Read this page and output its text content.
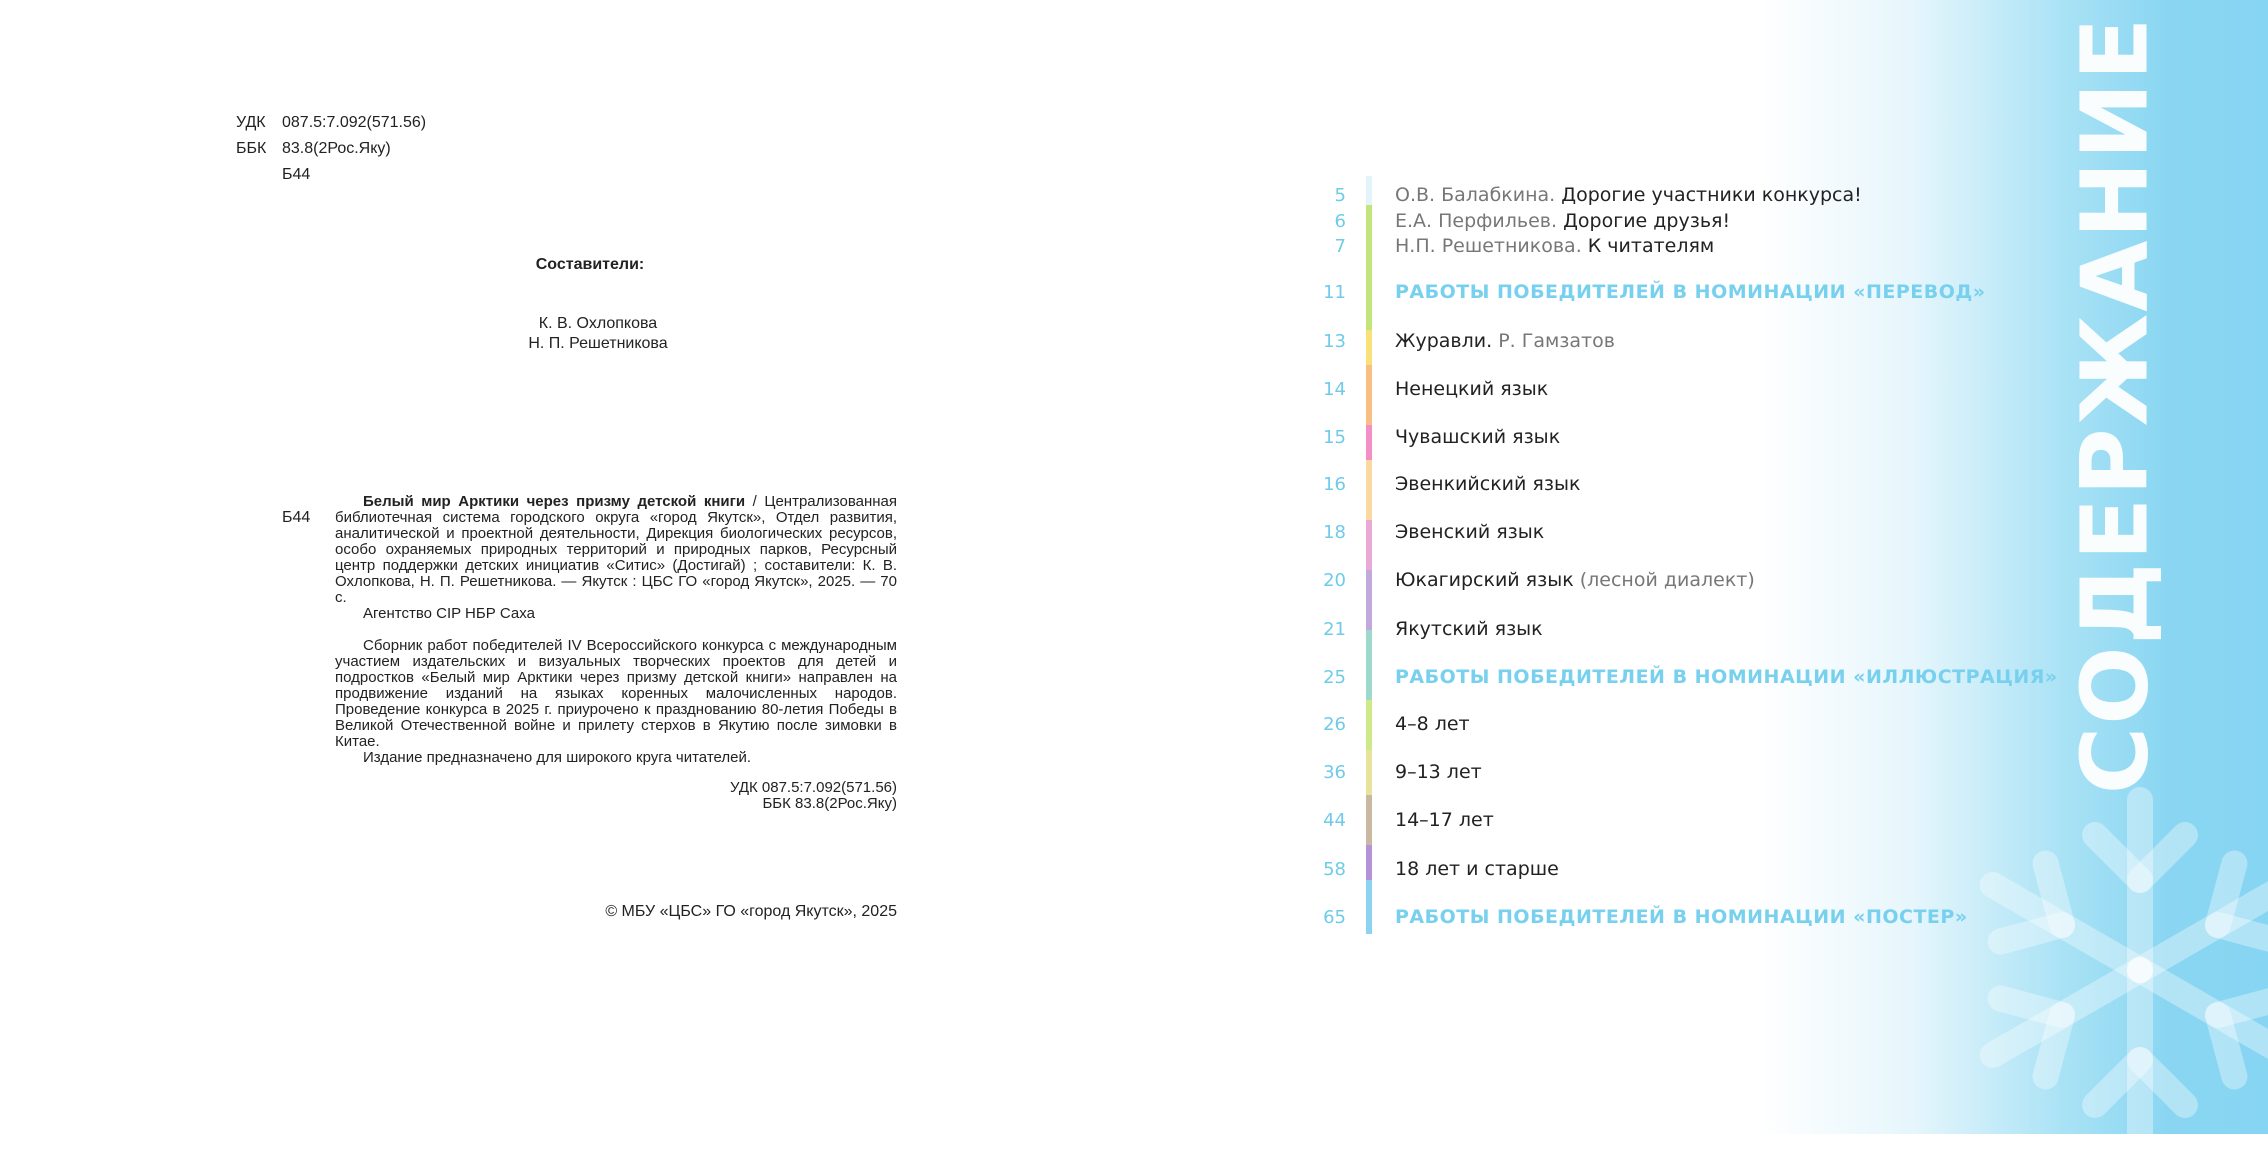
СОДЕРЖАНИЕ
УДК 087.5:7.092(571.56)
ББК 83.8(2Рос.Яку)
Б44
Составители:
К. В. Охлопкова
Н. П. Решетникова
Б44

Белый мир Арктики через призму детской книги / Централизованная библиотечная система городского округа «город Якутск», Отдел развития, аналитической и проектной деятельности, Дирекция биологических ресурсов, особо охраняемых природных территорий и природных парков, Ресурсный центр поддержки детских инициатив «Ситис» (Достигай) ; составители: К. В. Охлопкова, Н. П. Решетникова. — Якутск : ЦБС ГО «город Якутск», 2025. — 70 с.

Агентство CIP НБР Саха

Сборник работ победителей IV Всероссийского конкурса с международным участием издательских и визуальных творческих проектов для детей и подростков «Белый мир Арктики через призму детской книги» направлен на продвижение изданий на языках коренных малочисленных народов. Проведение конкурса в 2025 г. приурочено к празднованию 80-летия Победы в Великой Отечественной войне и прилету стерхов в Якутию после зимовки в Китае.

Издание предназначено для широкого круга читателей.

УДК 087.5:7.092(571.56)
ББК 83.8(2Рос.Яку)
© МБУ «ЦБС» ГО «город Якутск», 2025
5	О.В. Балабкина. Дорогие участники конкурса!
6	Е.А. Перфильев. Дорогие друзья!
7	Н.П. Решетникова. К читателям
11	РАБОТЫ ПОБЕДИТЕЛЕЙ В НОМИНАЦИИ «ПЕРЕВОД»
13	Журавли. Р. Гамзатов
14	Ненецкий язык
15	Чувашский язык
16	Эвенкийский язык
18	Эвенский язык
20	Юкагирский язык (лесной диалект)
21	Якутский язык
25	РАБОТЫ ПОБЕДИТЕЛЕЙ В НОМИНАЦИИ «ИЛЛЮСТРАЦИЯ»
26	4–8 лет
36	9–13 лет
44	14–17 лет
58	18 лет и старше
65	РАБОТЫ ПОБЕДИТЕЛЕЙ В НОМИНАЦИИ «ПОСТЕР»
